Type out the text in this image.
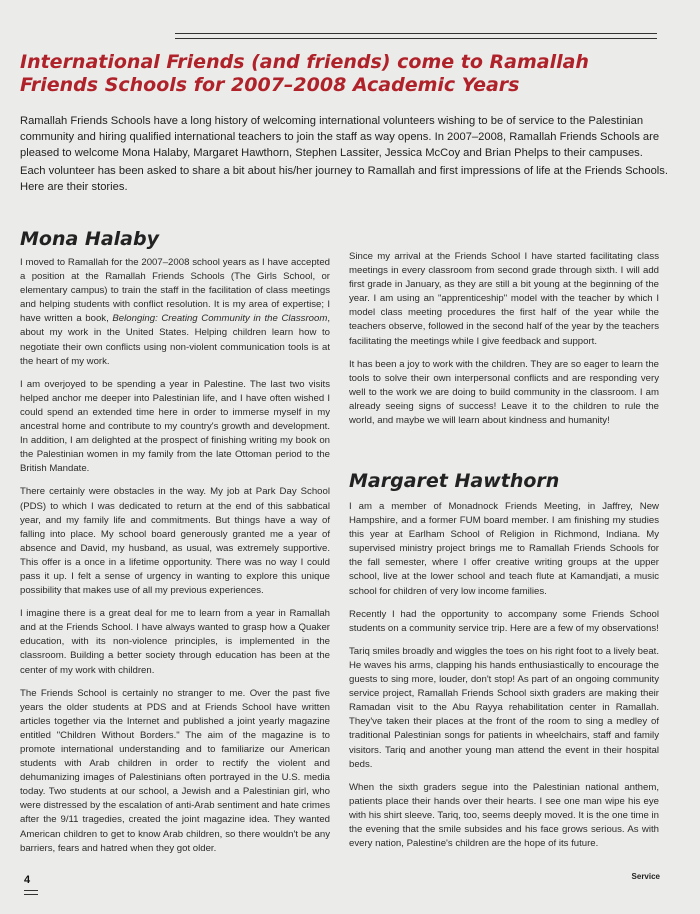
International Friends (and friends) come to Ramallah Friends Schools for 2007–2008 Academic Years

Ramallah Friends Schools have a long history of welcoming international volunteers wishing to be of service to the Palestinian community and hiring qualified international teachers to join the staff as way opens. In 2007–2008, Ramallah Friends Schools are pleased to welcome Mona Halaby, Margaret Hawthorn, Stephen Lassiter, Jessica McCoy and Brian Phelps to their campuses.

Each volunteer has been asked to share a bit about his/her journey to Ramallah and first impressions of life at the Friends Schools. Here are their stories.

Mona Halaby

I moved to Ramallah for the 2007–2008 school years as I have accepted a position at the Ramallah Friends Schools (The Girls School, or elementary campus) to train the staff in the facilitation of class meetings and helping students with conflict resolution. It is my area of expertise; I have written a book, Belonging: Creating Community in the Classroom, about my work in the United States. Helping children learn how to negotiate their own conflicts using non-violent communication tools is at the heart of my work.

I am overjoyed to be spending a year in Palestine. The last two visits helped anchor me deeper into Palestinian life, and I have often wished I could spend an extended time here in order to immerse myself in my ancestral home and contribute to my country's growth and development. In addition, I am delighted at the prospect of finishing writing my book on the Palestinian women in my family from the late Ottoman period to the British Mandate.

There certainly were obstacles in the way. My job at Park Day School (PDS) to which I was dedicated to return at the end of this sabbatical year, and my family life and commitments. But things have a way of falling into place. My school board generously granted me a year of absence and David, my husband, as usual, was extremely supportive. This offer is a once in a lifetime opportunity. There was no way I could pass it up. I felt a sense of urgency in wanting to explore this unique possibility that makes use of all my previous experiences.

I imagine there is a great deal for me to learn from a year in Ramallah and at the Friends School. I have always wanted to grasp how a Quaker education, with its non-violence principles, is implemented in the classroom. Building a better society through education has been at the center of my work with children.

The Friends School is certainly no stranger to me. Over the past five years the older students at PDS and at Friends School have written articles together via the Internet and published a joint yearly magazine entitled "Children Without Borders." The aim of the magazine is to promote international understanding and to familiarize our American students with Arab children in order to rectify the violent and dehumanizing images of Palestinians often portrayed in the U.S. media today. Two students at our school, a Jewish and a Palestinian girl, who were distressed by the escalation of anti-Arab sentiment and hate crimes after the 9/11 tragedies, created the joint magazine idea. They wanted American children to get to know Arab children, so there wouldn't be any barriers, fears and hatred when they got older.

Since my arrival at the Friends School I have started facilitating class meetings in every classroom from second grade through sixth. I will add first grade in January, as they are still a bit young at the beginning of the year. I am using an "apprenticeship" model with the teacher by which I model class meeting procedures the first half of the year while the teachers observe, followed in the second half of the year by the teachers facilitating the meetings while I give feedback and support.

It has been a joy to work with the children. They are so eager to learn the tools to solve their own interpersonal conflicts and are responding very well to the work we are doing to build community in the classroom. I am already seeing signs of success! Leave it to the children to rule the world, and maybe we will learn about kindness and humanity!

Margaret Hawthorn

I am a member of Monadnock Friends Meeting, in Jaffrey, New Hampshire, and a former FUM board member. I am finishing my studies this year at Earlham School of Religion in Richmond, Indiana. My supervised ministry project brings me to Ramallah Friends Schools for the fall semester, where I offer creative writing groups at the upper school, live at the lower school and teach flute at Kamandjati, a music school for children of very low income families.

Recently I had the opportunity to accompany some Friends School students on a community service trip. Here are a few of my observations!

Tariq smiles broadly and wiggles the toes on his right foot to a lively beat. He waves his arms, clapping his hands enthusiastically to encourage the guests to sing more, louder, don't stop! As part of an ongoing community service project, Ramallah Friends School sixth graders are making their Ramadan visit to the Abu Rayya rehabilitation center in Ramallah. They've taken their places at the front of the room to sing a medley of traditional Palestinian songs for patients in wheelchairs, staff and family visitors. Tariq and another young man attend the event in their hospital beds.

When the sixth graders segue into the Palestinian national anthem, patients place their hands over their hearts. I see one man wipe his eye with his shirt sleeve. Tariq, too, seems deeply moved. It is the one time in the evening that the smile subsides and his face grows serious. As with every nation, Palestine's children are the hope of its future.

4	Service
